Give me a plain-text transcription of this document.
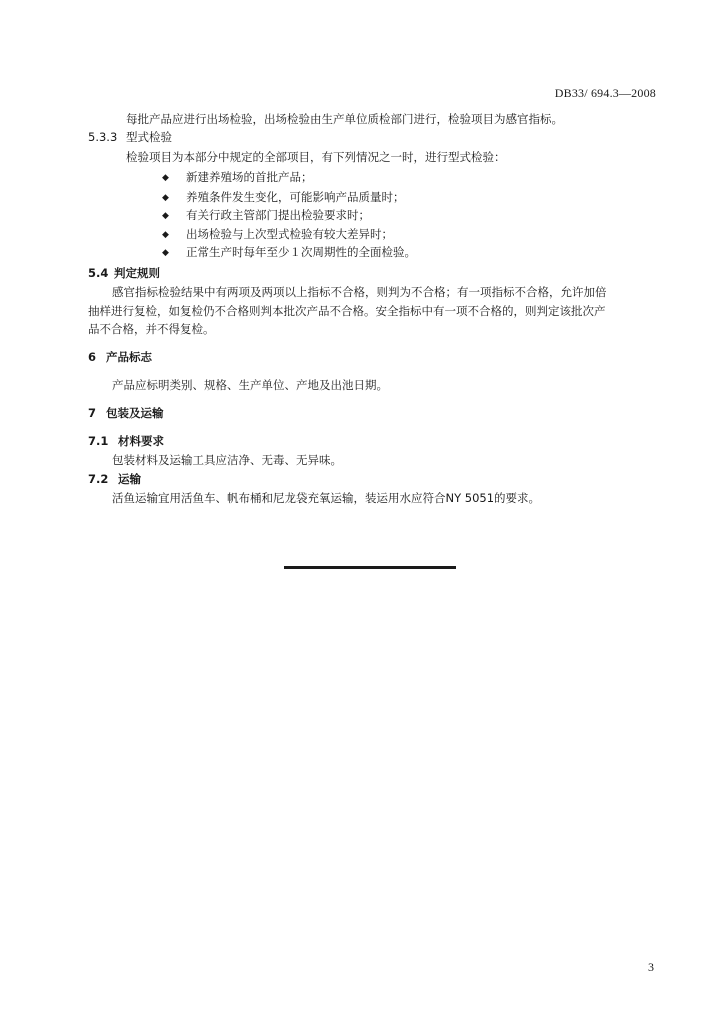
DB33/ 694.3—2008
每批产品应进行出场检验，出场检验由生产单位质检部门进行，检验项目为感官指标。
5.3.3 型式检验
检验项目为本部分中规定的全部项目，有下列情况之一时，进行型式检验：
◆ 新建养殖场的首批产品；
◆ 养殖条件发生变化，可能影响产品质量时；
◆ 有关行政主管部门提出检验要求时；
◆ 出场检验与上次型式检验有较大差异时；
◆ 正常生产时每年至少１次周期性的全面检验。
5.4 判定规则
感官指标检验结果中有两项及两项以上指标不合格，则判为不合格；有一项指标不合格，允许加倍
抽样进行复检，如复检仍不合格则判本批次产品不合格。安全指标中有一项不合格的，则判定该批次产
品不合格，并不得复检。
6 产品标志
产品应标明类别、规格、生产单位、产地及出池日期。
7 包装及运输
7.1 材料要求
包装材料及运输工具应洁净、无毒、无异味。
7.2 运输
活鱼运输宜用活鱼车、帆布桶和尼龙袋充氧运输，装运用水应符合NY 5051的要求。
3
